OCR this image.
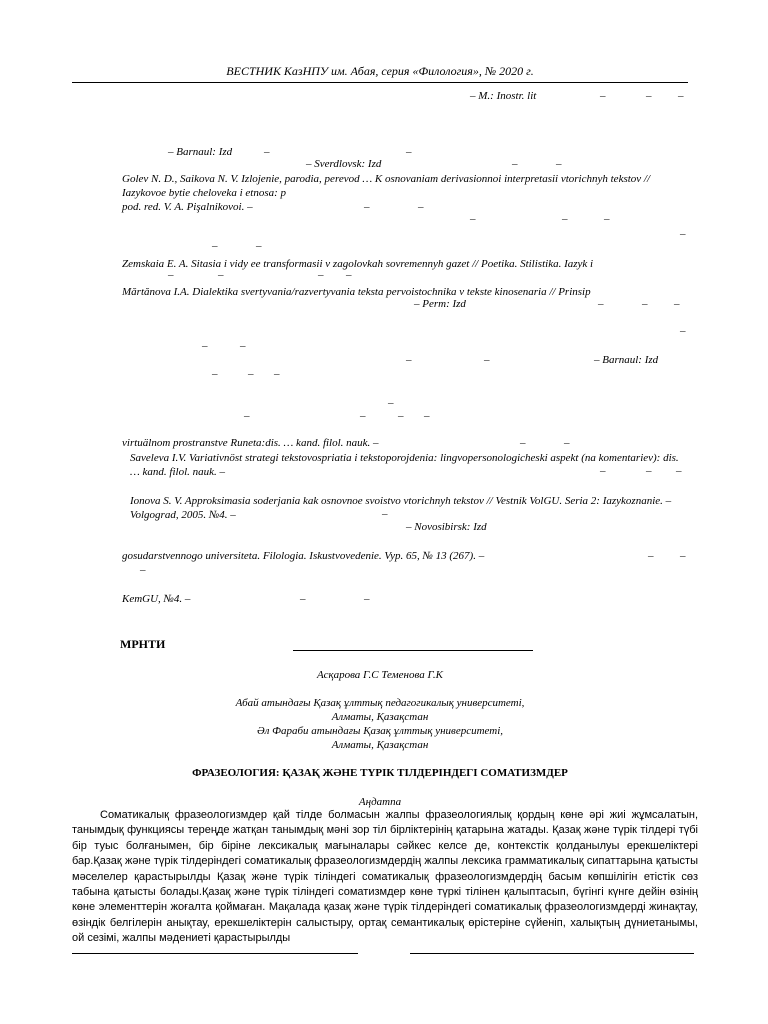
ВЕСТНИК КазНПУ им. Абая, серия «Филология», № 2020 г.
– M.: Inostr. lit	–	– –
– Barnaul: Izd	–	–
– Sverdlovsk: Izd	–	–
Golev N. D., Saikova N. V. Izlojenie, parodia, perevod … K osnovaniam derivasionnoi interpretasii vtorichnyh tekstov // Iazykovoe bytie cheloveka i etnosa: p
pod. red. V. A. Pişalnikovoi. –	–	–
–	–	–
–
–	–
Zemskaia E. A. Sitasia i vidy ee transformasii v zagolovkah sovremennyh gazet // Poetika. Stilistika. Iazyk i
–	–	– –
Mărtănova I.A. Dialektika svertyvania/razvertyvania teksta pervoistochnika v tekste kinosenaria // Prinsip
– Perm: Izd	–	– –
–
–	–
–	–	– Barnaul: Izd
–	– –
–
–	–	– –
virtuälnom prostranstve Runeta:dis. … kand. filol. nauk. –	–	–
Saveleva I.V. Variativnöst strategi tekstovospriatia i tekstoporojdenia: lingvopersonologicheski aspekt (na komentariev): dis. … kand. filol. nauk. –	–	– –
Ionova S. V. Approksimasia soderjania kak osnovnoe svoistvo vtorichnyh tekstov // Vestnik VolGU. Seria 2: Iazykoznanie. – Volgograd, 2005. №4. –	–
– Novosibirsk: Izd
gosudarstvennogo universiteta. Filologia. Iskustvovedenie. Vyp. 65, № 13 (267). –	– –
–
KemGU, №4. –	–	–
МРНТИ
Асқарова Г.С Теменова Г.К
Абай атындағы Қазақ ұлттық педагогикалық университеті,
Алматы, Қазақстан
Әл Фараби атындағы Қазақ ұлттық университеті,
Алматы, Қазақстан
ФРАЗЕОЛОГИЯ: ҚАЗАҚ ЖӘНЕ ТҮРІК ТІЛДЕРІНДЕГІ СОМАТИЗМДЕР
Аңдатпа
Соматикалық фразеологизмдер қай тілде болмасын жалпы фразеологиялық қордың көне әрі жиі жұмсалатын, танымдық функциясы тереңде жатқан танымдық мәні зор тіл бірліктерінің қатарына жатады. Қазақ және түрік тілдері түбі бір туыс болғанымен, бір біріне лексикалық мағыналары сәйкес келсе де, контекстік қолданылуы ерекшеліктері бар.Қазақ және түрік тілдеріндегі соматикалық фразеологизмдердің жалпы лексика грамматикалық сипаттарына қатысты мәселелер қарастырылды Қазақ және түрік тіліндегі соматикалық фразеологизмдердің басым көпшілігін етістік сөз табына қатысты болады.Қазақ және түрік тіліндегі соматизмдер көне түркі тілінен қалыптасып, бүгінгі күнге дейін өзінің көне элементтерін жоғалта қоймаған. Мақалада қазақ және түрік тілдеріндегі соматикалық фразеологизмдерді жинақтау, өзіндік белгілерін анықтау, ерекшеліктерін салыстыру, ортақ семантикалық өрістеріне сүйеніп, халықтың дүниетанымы, ой сезімі, жалпы мәдениеті қарастырылды
